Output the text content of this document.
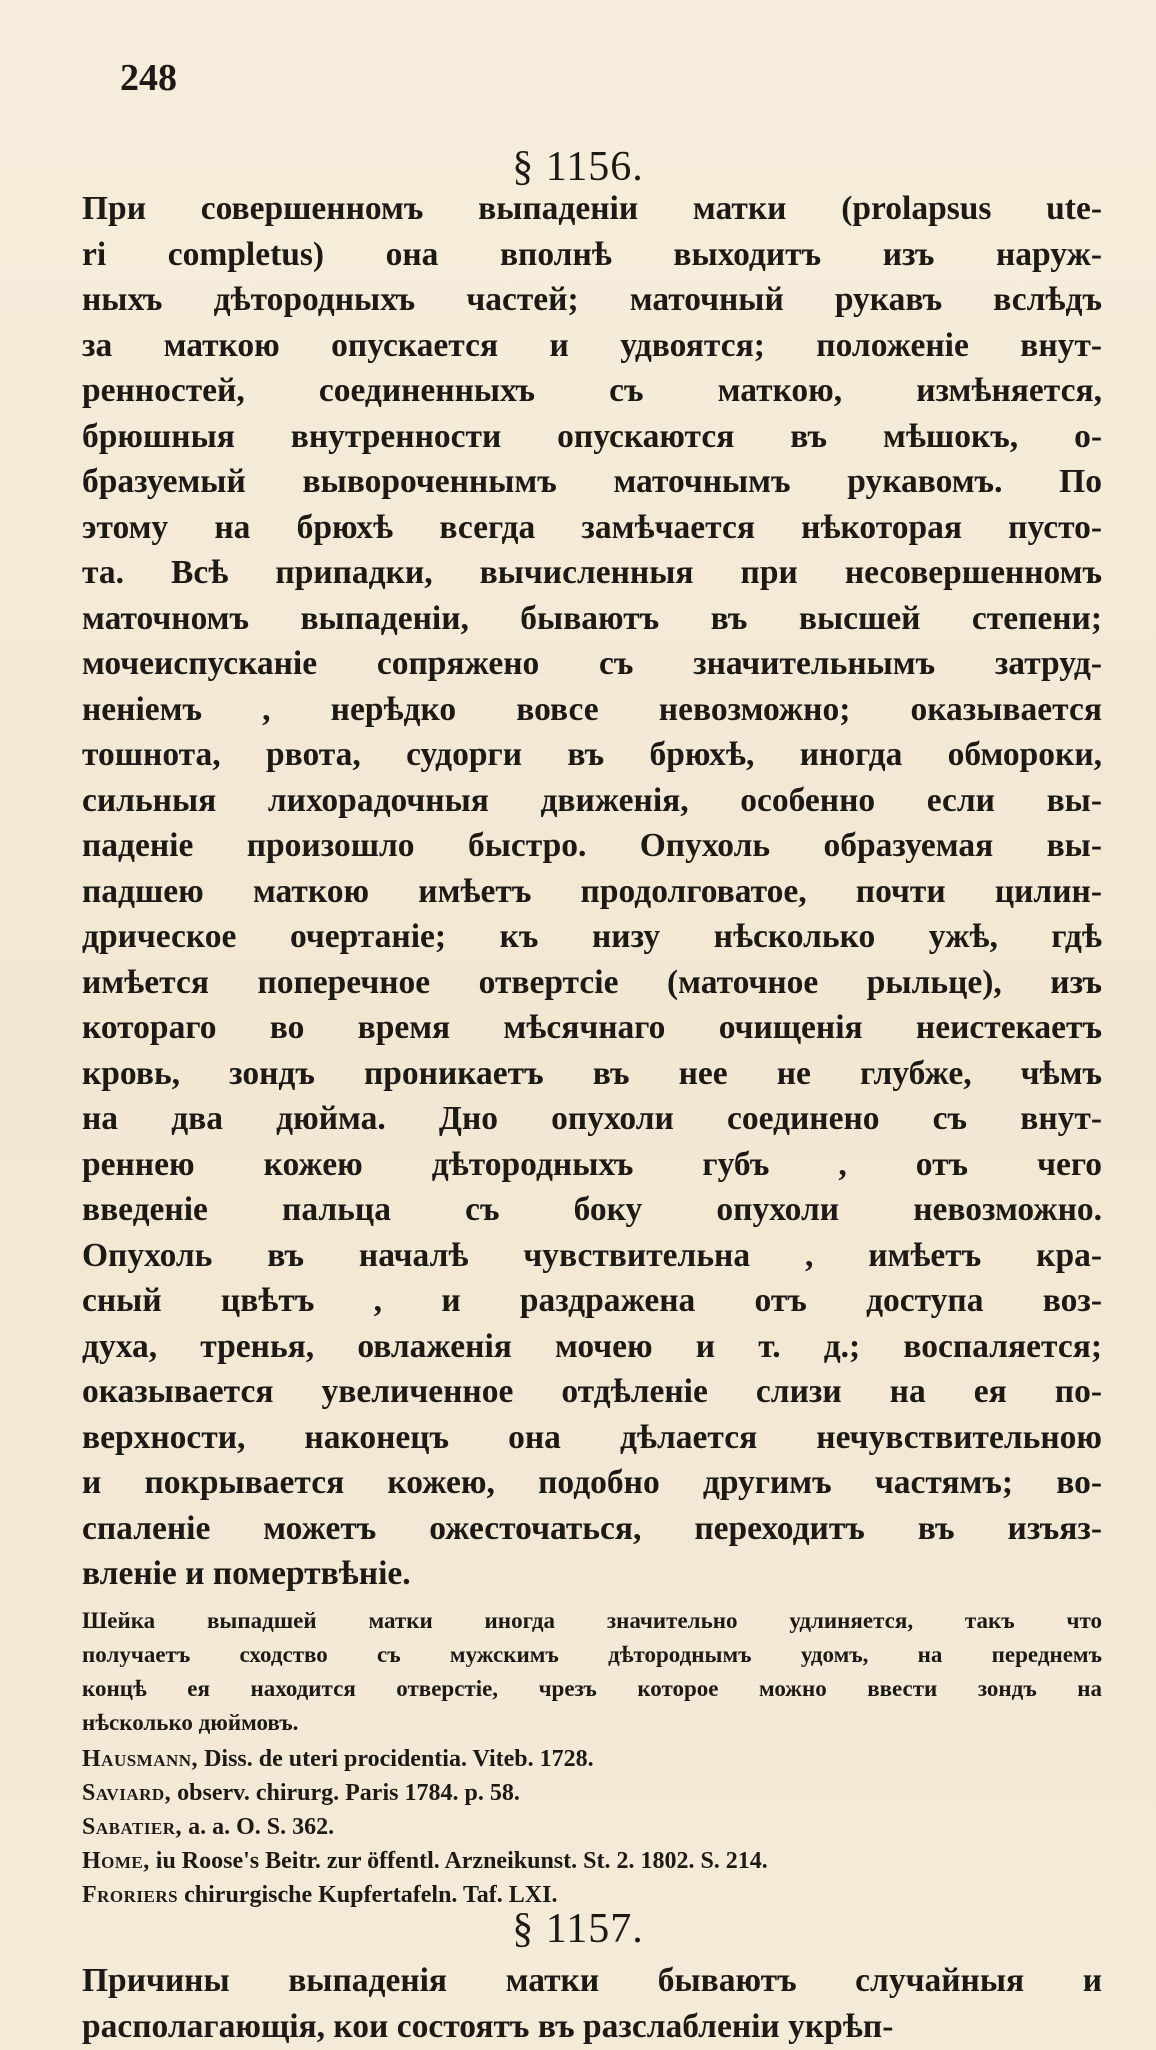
248
§ 1156.
При совершенномъ выпаденіи матки (prolapsus ute-
ri completus) она вполнѣ выходитъ изъ наруж-
ныхъ дѣтородныхъ частей; маточный рукавъ вслѣдъ
за маткою опускается и удвоятся; положеніе внут-
ренностей, соединенныхъ съ маткою, измѣняется,
брюшныя внутренности опускаются въ мѣшокъ, о-
бразуемый вывороченнымъ маточнымъ рукавомъ. По
этому на брюхѣ всегда замѣчается нѣкоторая пусто-
та. Всѣ припадки, вычисленныя при несовершенномъ
маточномъ выпаденіи, бываютъ въ высшей степени;
мочеиспусканіе сопряжено съ значительнымъ затруд-
неніемъ , нерѣдко вовсе невозможно; оказывается
тошнота, рвота, судорги въ брюхѣ, иногда обмороки,
сильныя лихорадочныя движенія, особенно если вы-
паденіе произошло быстро. Опухоль образуемая вы-
падшею маткою имѣетъ продолговатое, почти цилин-
дрическое очертаніе; къ низу нѣсколько ужѣ, гдѣ
имѣется поперечное отвертсіе (маточное рыльце), изъ
котораго во время мѣсячнаго очищенія неистекаетъ
кровь, зондъ проникаетъ въ нее не глубже, чѣмъ
на два дюйма. Дно опухоли соединено съ внут-
реннею кожею дѣтородныхъ губъ , отъ чего
введеніе пальца съ боку опухоли невозможно.
Опухоль въ началѣ чувствительна , имѣетъ кра-
сный цвѣтъ , и раздражена отъ доступа воз-
духа, тренья, овлаженія мочею и т. д.; воспаляется;
оказывается увеличенное отдѣленіе слизи на ея по-
верхности, наконецъ она дѣлается нечувствительною
и покрывается кожею, подобно другимъ частямъ; во-
спаленіе можетъ ожесточаться, переходитъ въ изъяз-
вленіе и помертвѣніе.
Шейка выпадшей матки иногда значительно удлиняется, такъ что
получаетъ сходство съ мужскимъ дѣтороднымъ удомъ, на переднемъ
концѣ ея находится отверстіе, чрезъ которое можно ввести зондъ на
нѣсколько дюймовъ.
Hausmann, Diss. de uteri procidentia. Viteb. 1728.
Saviard, observ. chirurg. Paris 1784. p. 58.
Sabatier, a. a. O. S. 362.
Home, iu Roose's Beitr. zur öffentl. Arzneikunst. St. 2. 1802. S. 214.
Froriers chirurgische Kupfertafeln. Taf. LXI.
§ 1157.
Причины выпаденія матки бываютъ случайныя и
располагающія, кои состоятъ въ разслабленіи укрѣп-
